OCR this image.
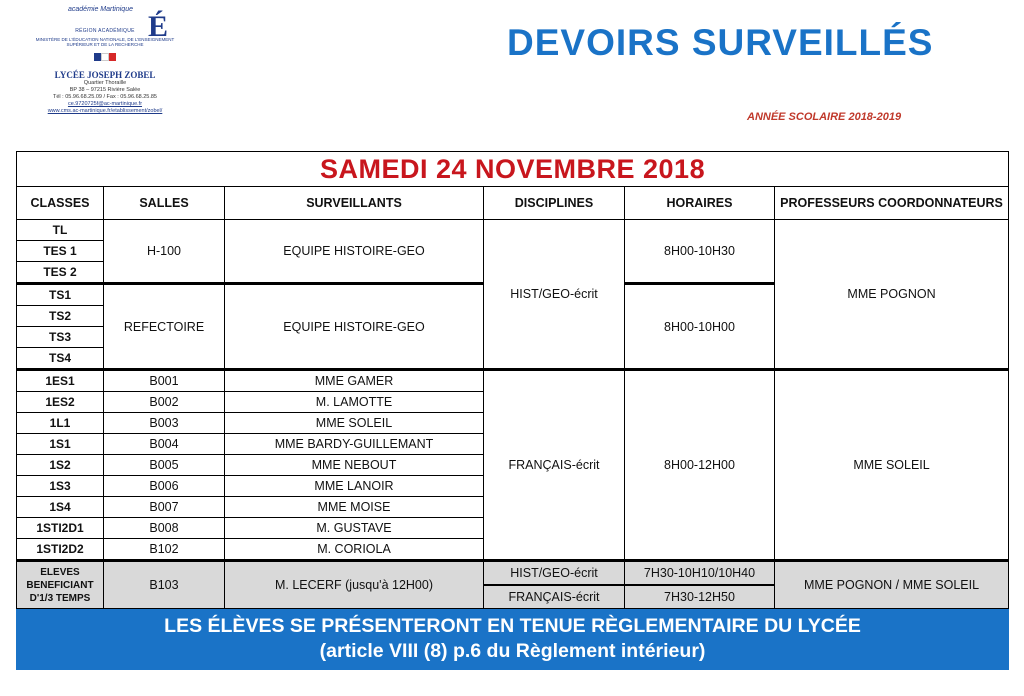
académie Martinique
É
RÉGION ACADÉMIQUE
MINISTÈRE DE L'ÉDUCATION NATIONALE, DE L'ENSEIGNEMENT SUPÉRIEUR ET DE LA RECHERCHE
LYCÉE JOSEPH ZOBEL
Quartier Thoraille
BP 38 – 97215 Rivière Salée
Tél : 05.96.68.25.09 / Fax : 05.96.68.25.85
ce.9720725f@ac-martinique.fr
www.cms.ac-martinique.fr/etablissement/zobel/
DEVOIRS SURVEILLÉS
ANNÉE SCOLAIRE 2018-2019
SAMEDI 24 NOVEMBRE 2018					
CLASSES	SALLES	SURVEILLANTS	DISCIPLINES	HORAIRES	PROFESSEURS COORDONNATEURS
TL	H-100	EQUIPE HISTOIRE-GEO	HIST/GEO-écrit	8H00-10H30	MME POGNON
TES 1					
TES 2					
TS1	REFECTOIRE	EQUIPE HISTOIRE-GEO		8H00-10H00	
TS2					
TS3					
TS4					
1ES1	B001	MME GAMER	FRANÇAIS-écrit	8H00-12H00	MME SOLEIL
1ES2	B002	M. LAMOTTE			
1L1	B003	MME SOLEIL			
1S1	B004	MME BARDY-GUILLEMANT			
1S2	B005	MME NEBOUT			
1S3	B006	MME LANOIR			
1S4	B007	MME MOISE			
1STI2D1	B008	M. GUSTAVE			
1STI2D2	B102	M. CORIOLA			
ELEVES BENEFICIANT D'1/3 TEMPS	B103	M. LECERF (jusqu'à 12H00)	HIST/GEO-écrit	7H30-10H10/10H40	MME POGNON / MME SOLEIL
			FRANÇAIS-écrit	7H30-12H50	

LES ÉLÈVES SE PRÉSENTERONT EN TENUE RÈGLEMENTAIRE DU LYCÉE
(article VIII (8) p.6 du Règlement intérieur)					
